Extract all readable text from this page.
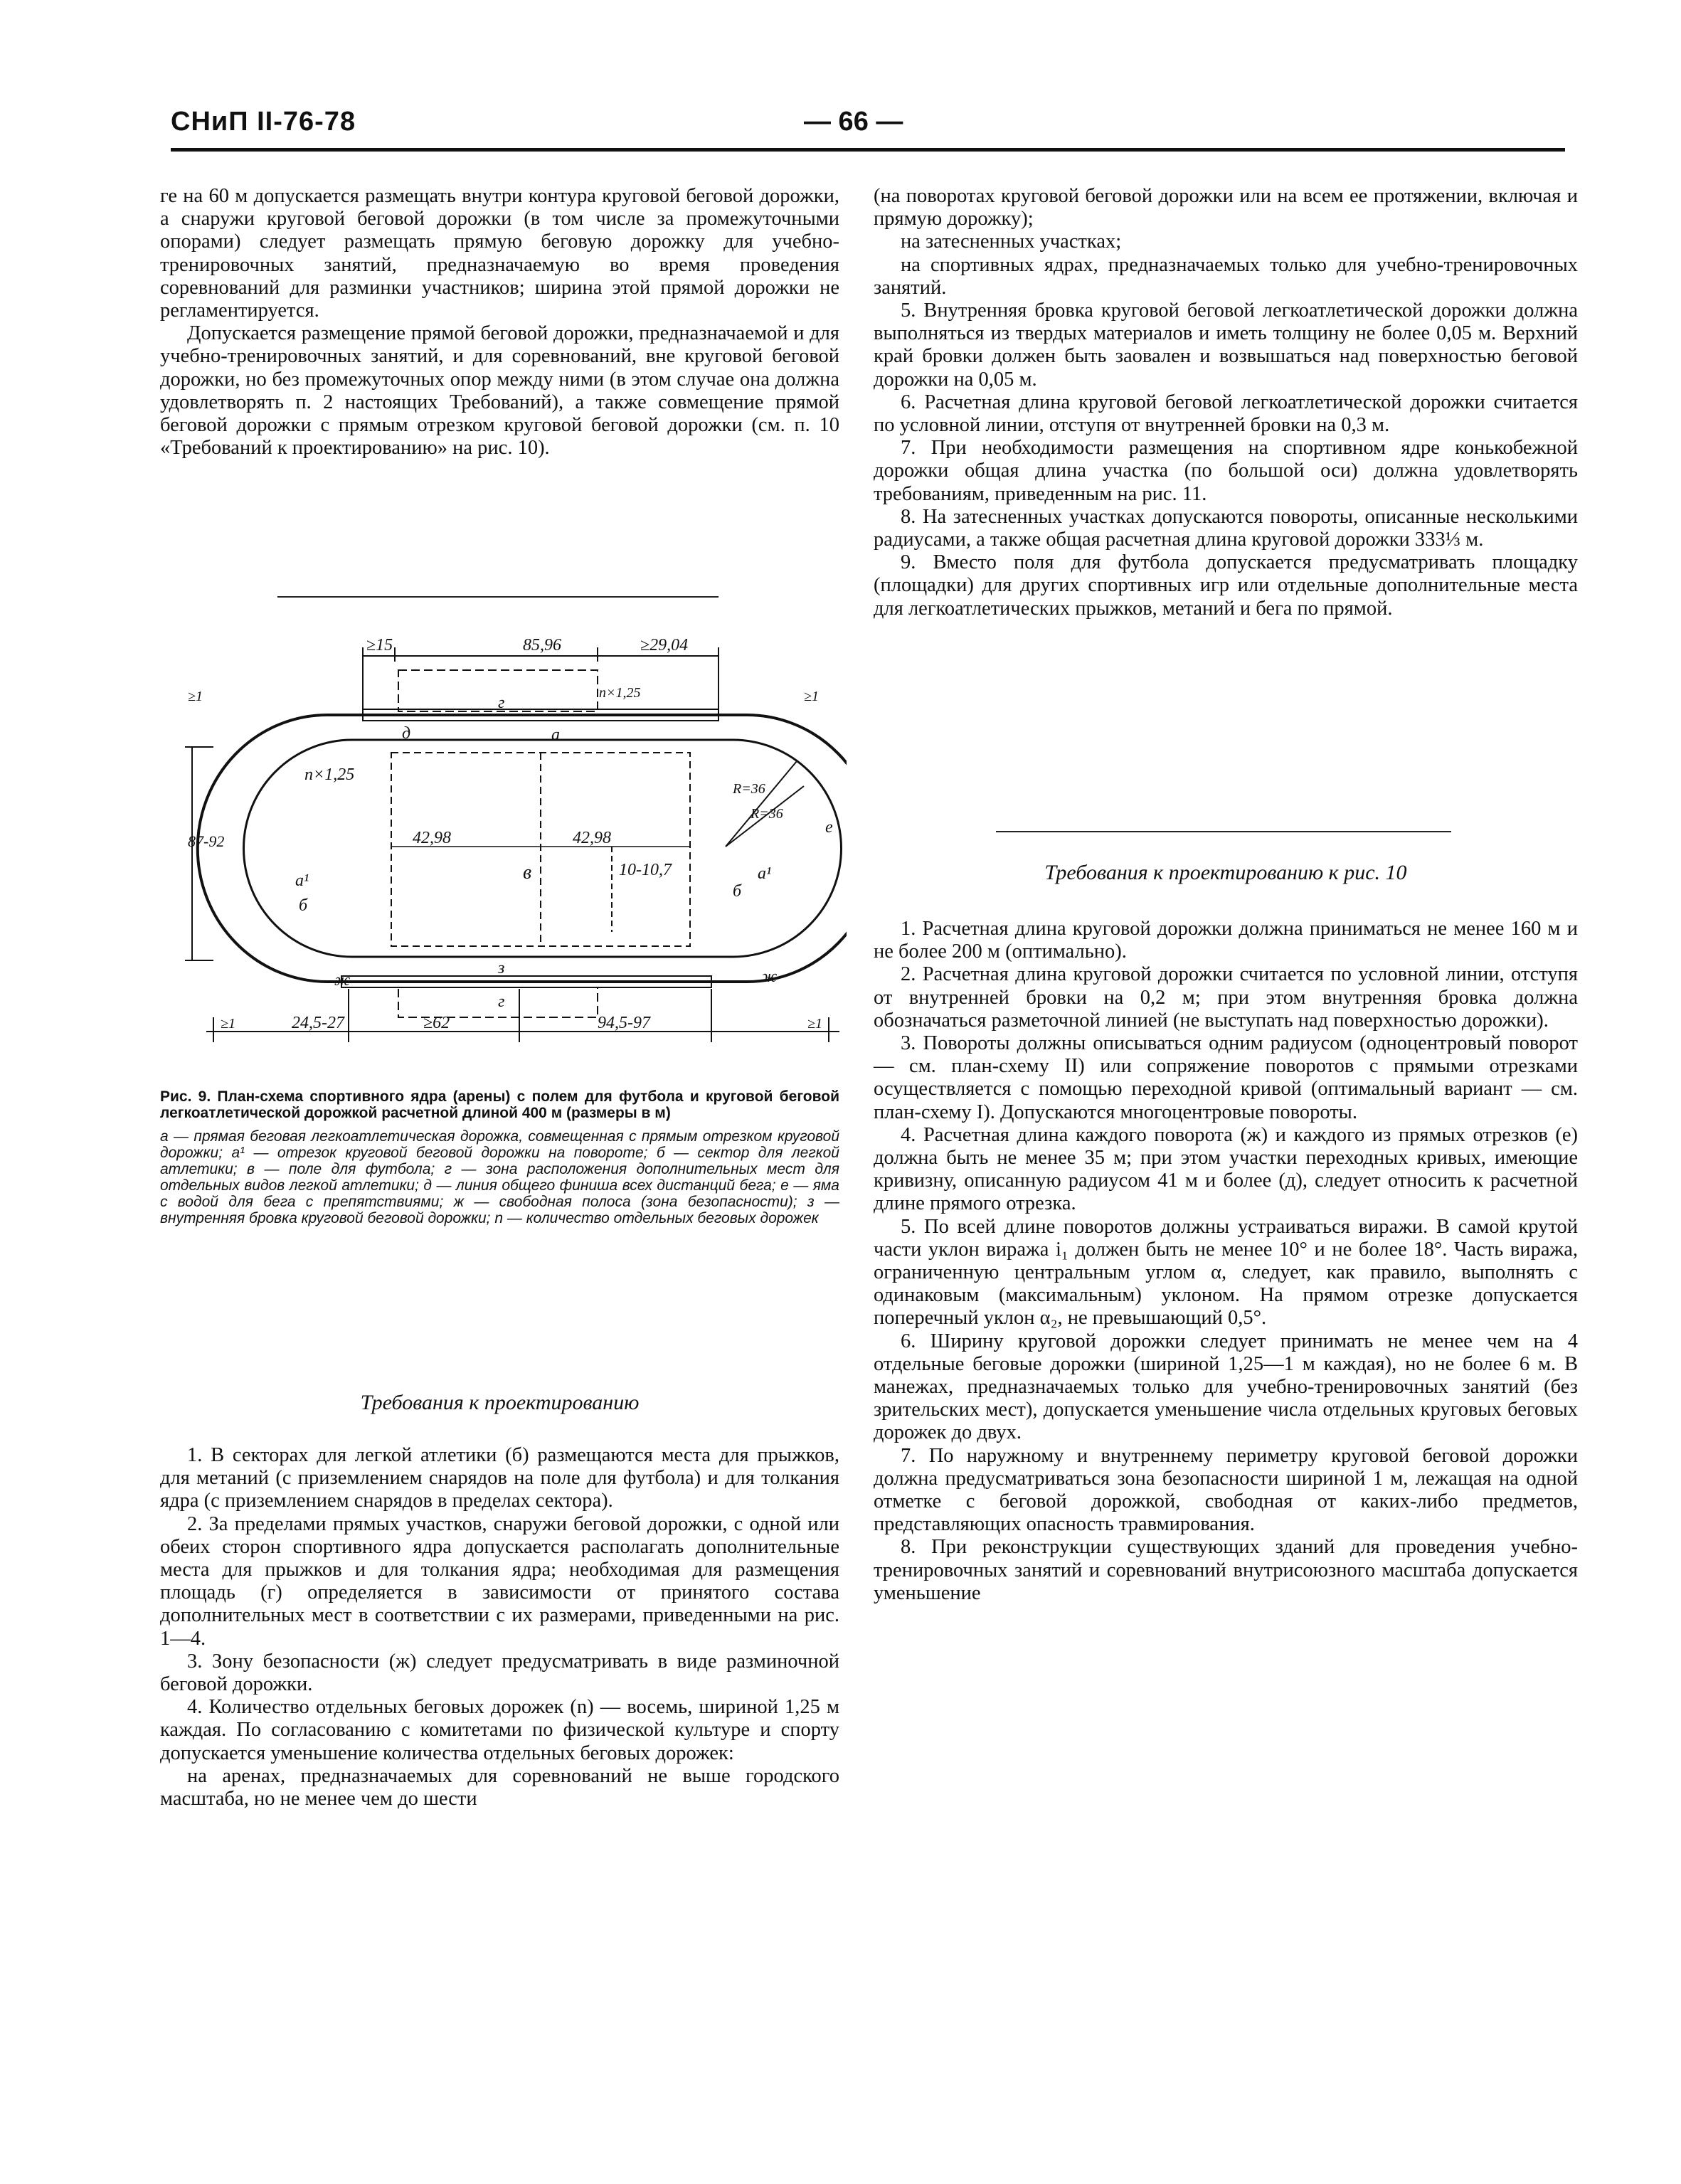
СНиП II-76-78	— 66 —

ге на 60 м допускается размещать внутри контура круговой беговой дорожки, а снаружи круговой беговой дорожки (в том числе за промежуточными опорами) следует размещать прямую беговую дорожку для учебно-тренировочных занятий, предназначаемую во время проведения соревнований для разминки участников; ширина этой прямой дорожки не регламентируется.

Допускается размещение прямой беговой дорожки, предназначаемой и для учебно-тренировочных занятий, и для соревнований, вне круговой беговой дорожки, но без промежуточных опор между ними (в этом случае она должна удовлетворять п. 2 настоящих Требований), а также совмещение прямой беговой дорожки с прямым отрезком круговой беговой дорожки (см. п. 10 «Требований к проектированию» на рис. 10).

≥15	85,96	≥29,04
n×1,25
87-92
n×1,25
42,98	42,98
10-10,7
R=36
R=36
24,5-27	≥62	94,5-97
≥1	≥1
≥1	≥1
а
а¹	а¹
б
б
в
г
г
д
е
ж	ж
з
Рис. 9. План-схема спортивного ядра (арены) с полем для футбола и круговой беговой легкоатлетической дорожкой расчетной длиной 400 м (размеры в м)
а — прямая беговая легкоатлетическая дорожка, совмещенная с прямым отрезком круговой дорожки; а¹ — отрезок круговой беговой дорожки на повороте; б — сектор для легкой атлетики; в — поле для футбола; г — зона расположения дополнительных мест для отдельных видов легкой атлетики; д — линия общего финиша всех дистанций бега; е — яма с водой для бега с препятствиями; ж — свободная полоса (зона безопасности); з — внутренняя бровка круговой беговой дорожки; n — количество отдельных беговых дорожек
Требования к проектированию

1. В секторах для легкой атлетики (б) размещаются места для прыжков, для метаний (с приземлением снарядов на поле для футбола) и для толкания ядра (с приземлением снарядов в пределах сектора).

2. За пределами прямых участков, снаружи беговой дорожки, с одной или обеих сторон спортивного ядра допускается располагать дополнительные места для прыжков и для толкания ядра; необходимая для размещения площадь (г) определяется в зависимости от принятого состава дополнительных мест в соответствии с их размерами, приведенными на рис. 1—4.

3. Зону безопасности (ж) следует предусматривать в виде разминочной беговой дорожки.

4. Количество отдельных беговых дорожек (n) — восемь, шириной 1,25 м каждая. По согласованию с комитетами по физической культуре и спорту допускается уменьшение количества отдельных беговых дорожек:

на аренах, предназначаемых для соревнований не выше городского масштаба, но не менее чем до шести

(на поворотах круговой беговой дорожки или на всем ее протяжении, включая и прямую дорожку);

на затесненных участках;

на спортивных ядрах, предназначаемых только для учебно-тренировочных занятий.

5. Внутренняя бровка круговой беговой легкоатлетической дорожки должна выполняться из твердых материалов и иметь толщину не более 0,05 м. Верхний край бровки должен быть заовален и возвышаться над поверхностью беговой дорожки на 0,05 м.

6. Расчетная длина круговой беговой легкоатлетической дорожки считается по условной линии, отступя от внутренней бровки на 0,3 м.

7. При необходимости размещения на спортивном ядре конькобежной дорожки общая длина участка (по большой оси) должна удовлетворять требованиям, приведенным на рис. 11.

8. На затесненных участках допускаются повороты, описанные несколькими радиусами, а также общая расчетная длина круговой дорожки 333⅓ м.

9. Вместо поля для футбола допускается предусматривать площадку (площадки) для других спортивных игр или отдельные дополнительные места для легкоатлетических прыжков, метаний и бега по прямой.

Требования к проектированию к рис. 10

1. Расчетная длина круговой дорожки должна приниматься не менее 160 м и не более 200 м (оптимально).

2. Расчетная длина круговой дорожки считается по условной линии, отступя от внутренней бровки на 0,2 м; при этом внутренняя бровка должна обозначаться разметочной линией (не выступать над поверхностью дорожки).

3. Повороты должны описываться одним радиусом (одноцентровый поворот — см. план-схему II) или сопряжение поворотов с прямыми отрезками осуществляется с помощью переходной кривой (оптимальный вариант — см. план-схему I). Допускаются многоцентровые повороты.

4. Расчетная длина каждого поворота (ж) и каждого из прямых отрезков (е) должна быть не менее 35 м; при этом участки переходных кривых, имеющие кривизну, описанную радиусом 41 м и более (д), следует относить к расчетной длине прямого отрезка.

5. По всей длине поворотов должны устраиваться виражи. В самой крутой части уклон виража i₁ должен быть не менее 10° и не более 18°. Часть виража, ограниченную центральным углом α, следует, как правило, выполнять с одинаковым (максимальным) уклоном. На прямом отрезке допускается поперечный уклон α₂, не превышающий 0,5°.

6. Ширину круговой дорожки следует принимать не менее чем на 4 отдельные беговые дорожки (шириной 1,25—1 м каждая), но не более 6 м. В манежах, предназначаемых только для учебно-тренировочных занятий (без зрительских мест), допускается уменьшение числа отдельных круговых беговых дорожек до двух.

7. По наружному и внутреннему периметру круговой беговой дорожки должна предусматриваться зона безопасности шириной 1 м, лежащая на одной отметке с беговой дорожкой, свободная от каких-либо предметов, представляющих опасность травмирования.

8. При реконструкции существующих зданий для проведения учебно-тренировочных занятий и соревнований внутрисоюзного масштаба допускается уменьшение
